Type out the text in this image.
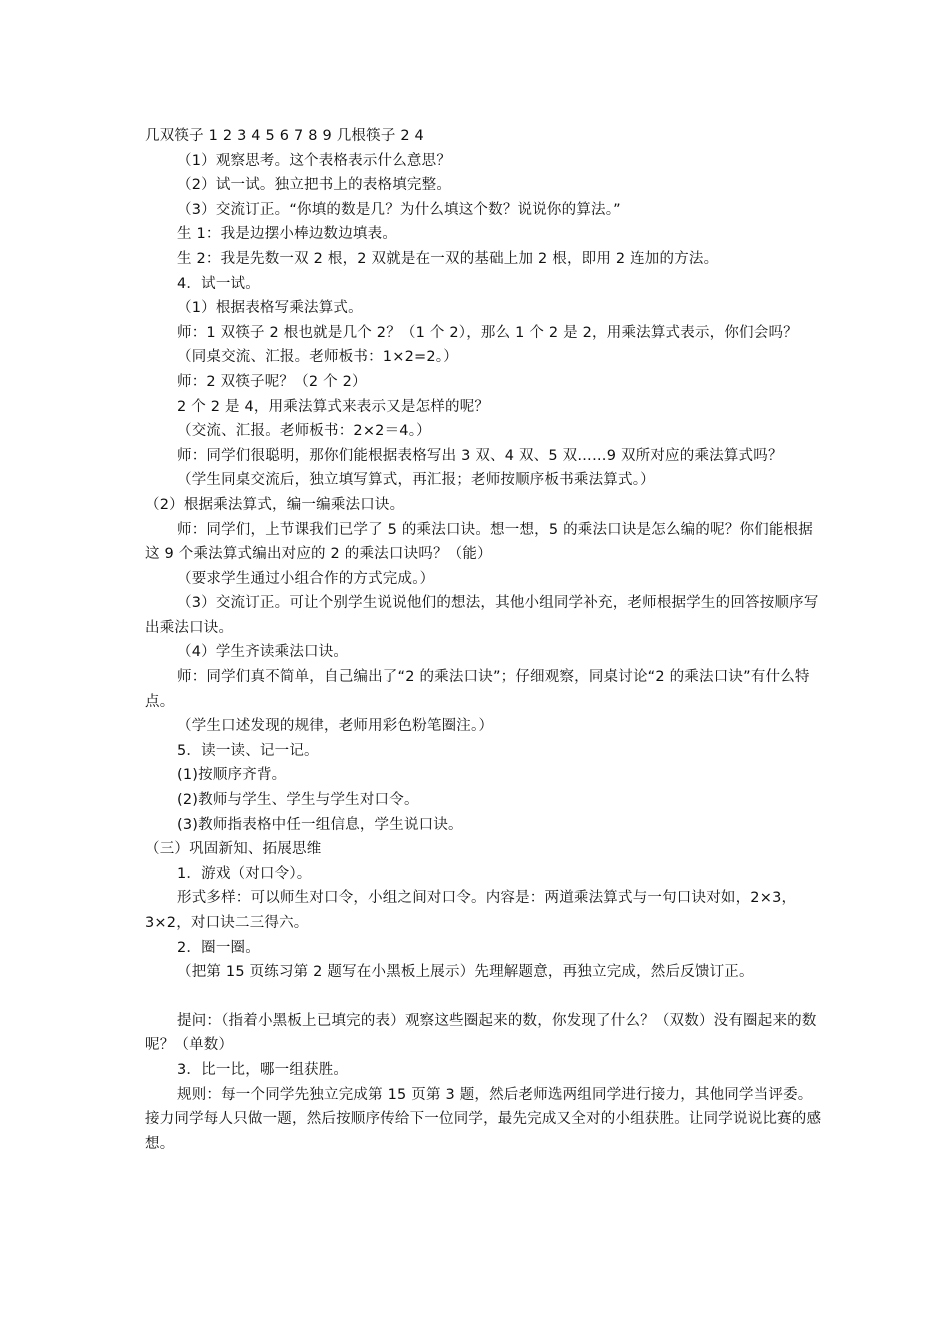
几双筷子 1 2 3 4 5 6 7 8 9 几根筷子 2 4

（1）观察思考。这个表格表示什么意思？

（2）试一试。独立把书上的表格填完整。

（3）交流订正。“你填的数是几？为什么填这个数？说说你的算法。”

生 1：我是边摆小棒边数边填表。

生 2：我是先数一双 2 根，2 双就是在一双的基础上加 2 根，即用 2 连加的方法。

4．试一试。

（1）根据表格写乘法算式。

师：1 双筷子 2 根也就是几个 2？（1 个 2），那么 1 个 2 是 2，用乘法算式表示，你们会吗？

（同桌交流、汇报。老师板书：1×2=2。）

师：2 双筷子呢？（2 个 2）

2 个 2 是 4，用乘法算式来表示又是怎样的呢？

（交流、汇报。老师板书：2×2＝4。）

师：同学们很聪明，那你们能根据表格写出 3 双、4 双、5 双……9 双所对应的乘法算式吗？

（学生同桌交流后，独立填写算式，再汇报；老师按顺序板书乘法算式。）

（2）根据乘法算式，编一编乘法口诀。

师：同学们，上节课我们已学了 5 的乘法口诀。想一想，5 的乘法口诀是怎么编的呢？你们能根据这 9 个乘法算式编出对应的 2 的乘法口诀吗？（能）

（要求学生通过小组合作的方式完成。）

（3）交流订正。可让个别学生说说他们的想法，其他小组同学补充，老师根据学生的回答按顺序写出乘法口诀。

（4）学生齐读乘法口诀。

师：同学们真不简单，自己编出了“2 的乘法口诀”；仔细观察，同桌讨论“2 的乘法口诀”有什么特点。

（学生口述发现的规律，老师用彩色粉笔圈注。）

5．读一读、记一记。

(1)按顺序齐背。

(2)教师与学生、学生与学生对口令。

(3)教师指表格中任一组信息，学生说口诀。

（三）巩固新知、拓展思维

1．游戏（对口令）。

形式多样：可以师生对口令，小组之间对口令。内容是：两道乘法算式与一句口诀对如，2×3，3×2，对口诀二三得六。

2．圈一圈。

（把第 15 页练习第 2 题写在小黑板上展示）先理解题意，再独立完成，然后反馈订正。

提问：（指着小黑板上已填完的表）观察这些圈起来的数，你发现了什么？（双数）没有圈起来的数呢？（单数）

3．比一比，哪一组获胜。

规则：每一个同学先独立完成第 15 页第 3 题，然后老师选两组同学进行接力，其他同学当评委。接力同学每人只做一题，然后按顺序传给下一位同学，最先完成又全对的小组获胜。让同学说说比赛的感想。
